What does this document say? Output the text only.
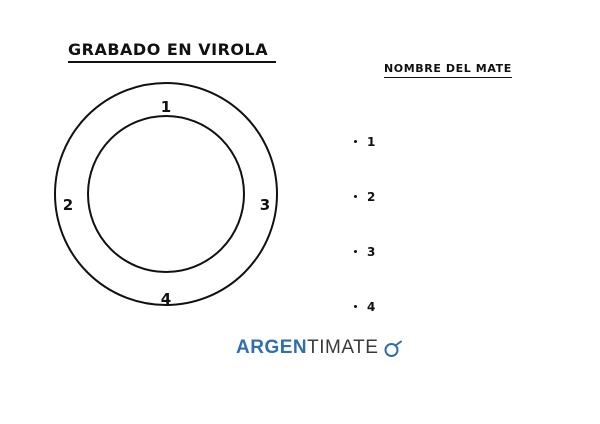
GRABADO EN VIROLA
1
2	3
4
NOMBRE DEL MATE
1
2
3
4
ARGEN TIMATE
